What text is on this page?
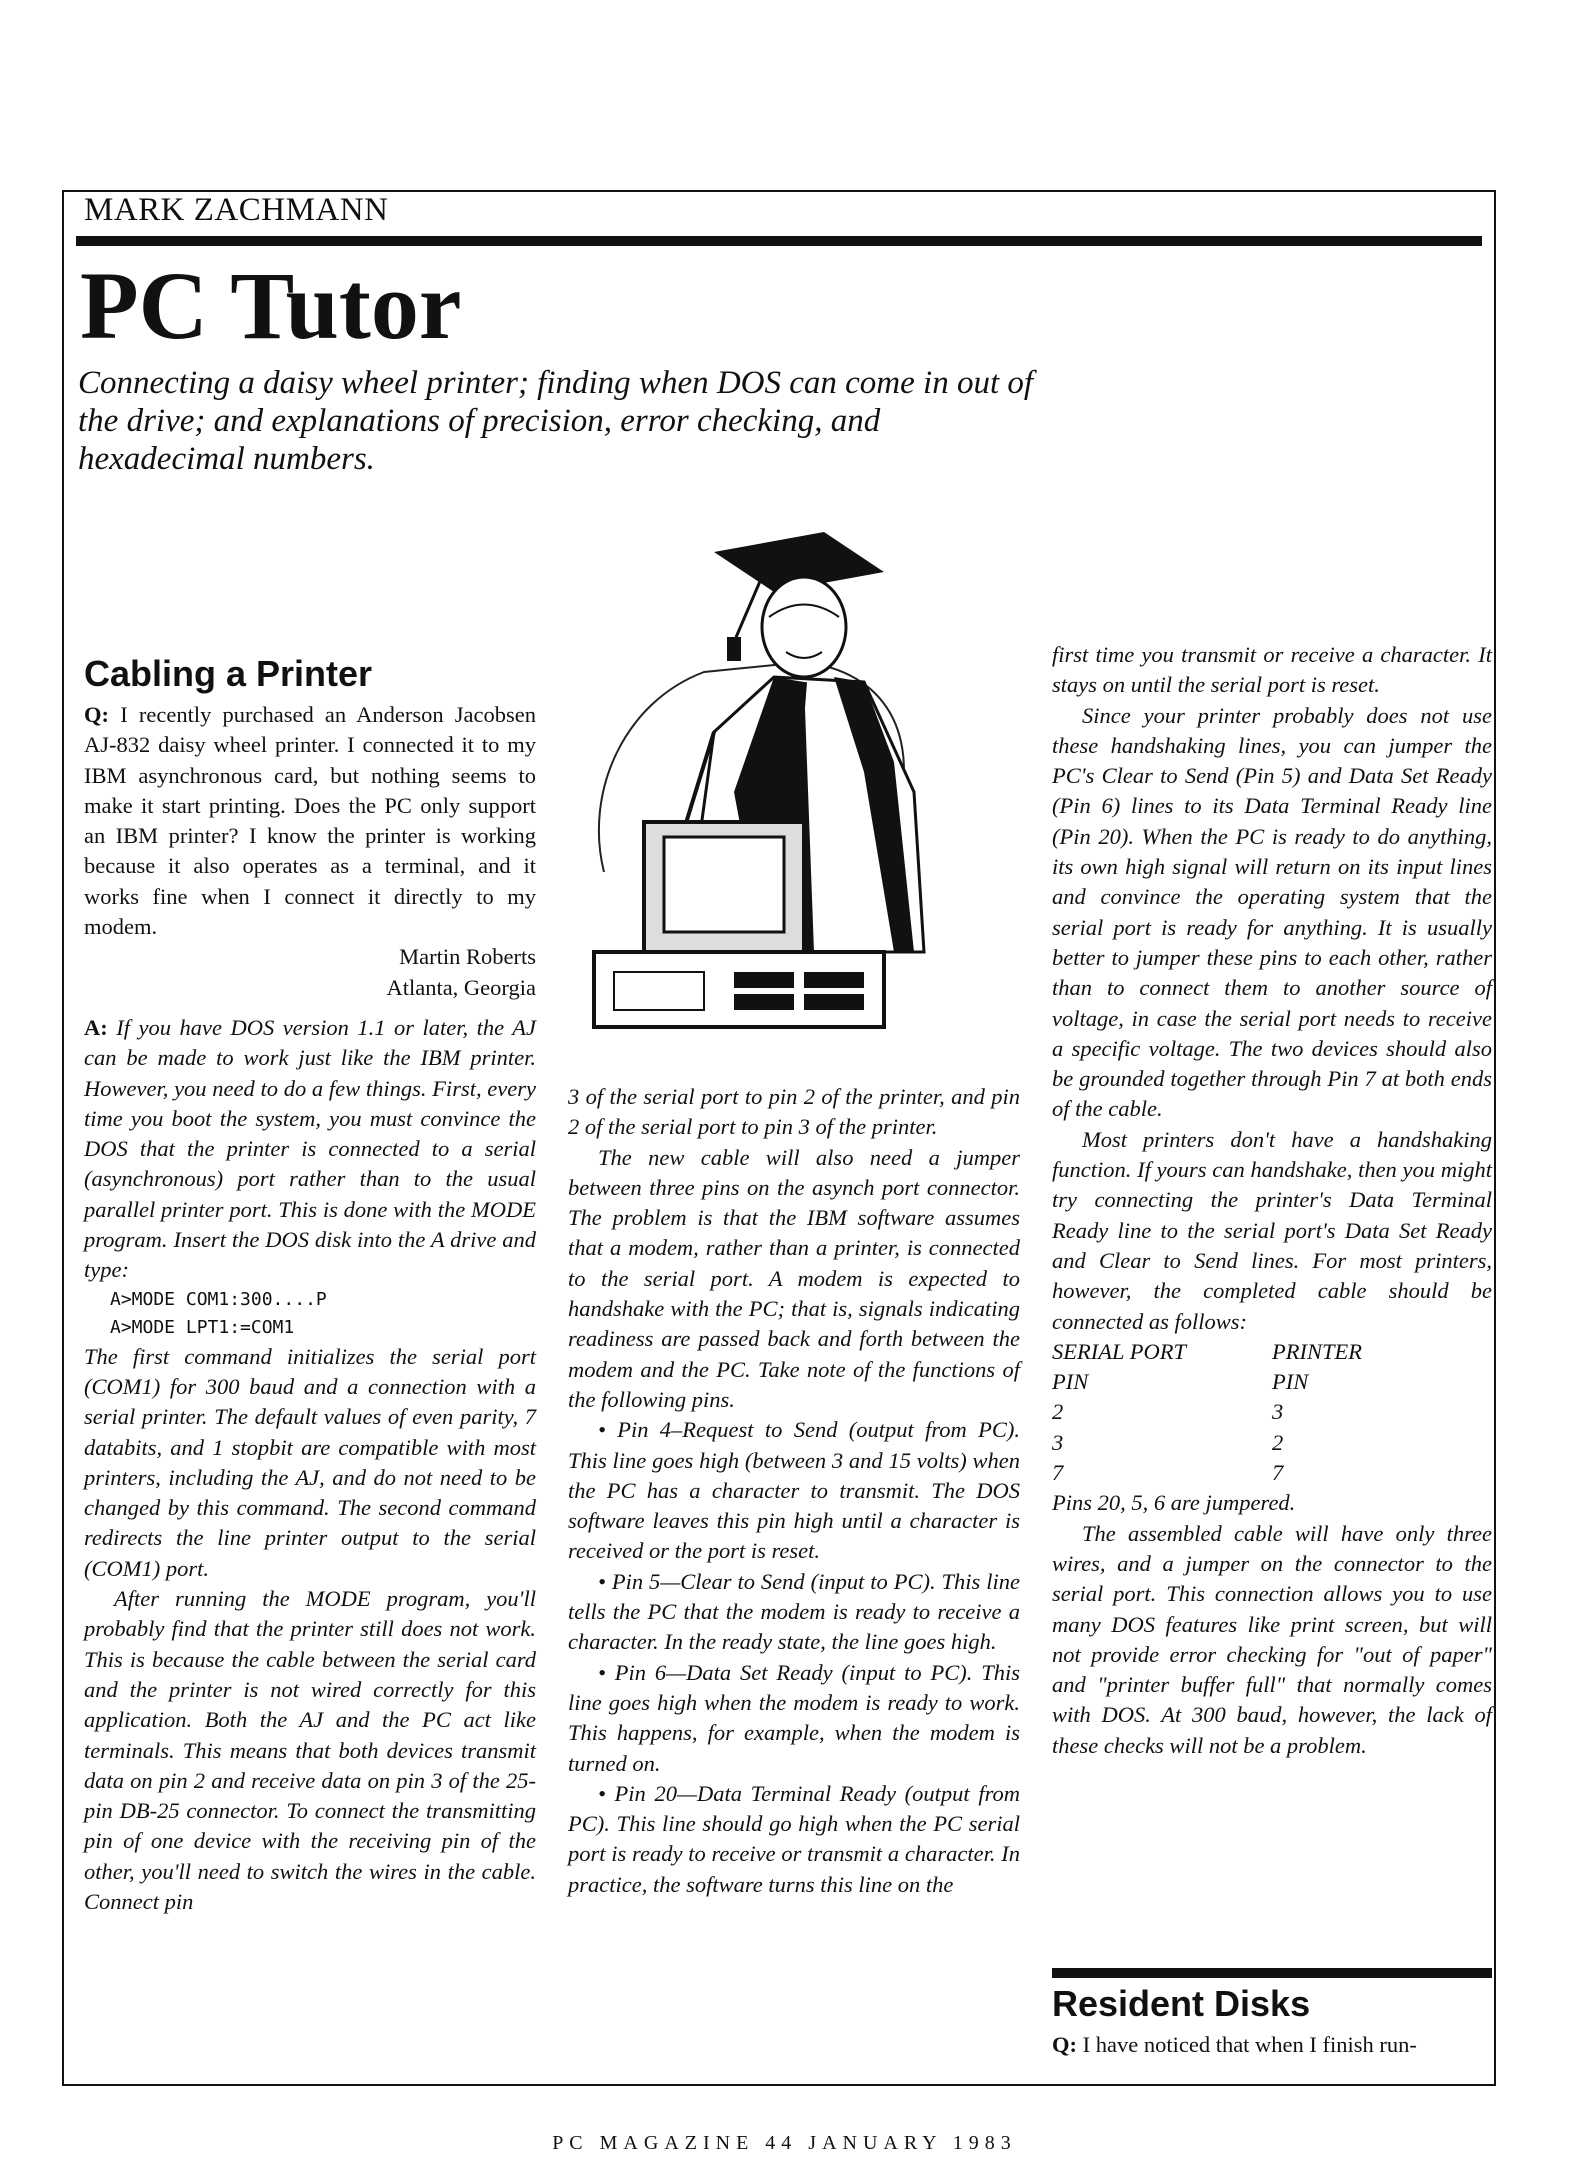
MARK ZACHMANN
PC Tutor
Connecting a daisy wheel printer; finding when DOS can come in out of the drive; and explanations of precision, error checking, and hexadecimal numbers.

Cabling a Printer

Q: I recently purchased an Anderson Jacobsen AJ-832 daisy wheel printer. I connected it to my IBM asynchronous card, but nothing seems to make it start printing. Does the PC only support an IBM printer? I know the printer is working because it also operates as a terminal, and it works fine when I connect it directly to my modem.

Martin Roberts

Atlanta, Georgia

A: If you have DOS version 1.1 or later, the AJ can be made to work just like the IBM printer. However, you need to do a few things. First, every time you boot the system, you must convince the DOS that the printer is connected to a serial (asynchronous) port rather than to the usual parallel printer port. This is done with the MODE program. Insert the DOS disk into the A drive and type:

A>MODE COM1:300....P

A>MODE LPT1:=COM1

The first command initializes the serial port (COM1) for 300 baud and a connection with a serial printer. The default values of even parity, 7 databits, and 1 stopbit are compatible with most printers, including the AJ, and do not need to be changed by this command. The second command redirects the line printer output to the serial (COM1) port.

After running the MODE program, you'll probably find that the printer still does not work. This is because the cable between the serial card and the printer is not wired correctly for this application. Both the AJ and the PC act like terminals. This means that both devices transmit data on pin 2 and receive data on pin 3 of the 25-pin DB-25 connector. To connect the transmitting pin of one device with the receiving pin of the other, you'll need to switch the wires in the cable. Connect pin

3 of the serial port to pin 2 of the printer, and pin 2 of the serial port to pin 3 of the printer.

The new cable will also need a jumper between three pins on the asynch port connector. The problem is that the IBM software assumes that a modem, rather than a printer, is connected to the serial port. A modem is expected to handshake with the PC; that is, signals indicating readiness are passed back and forth between the modem and the PC. Take note of the functions of the following pins.

• Pin 4–Request to Send (output from PC). This line goes high (between 3 and 15 volts) when the PC has a character to transmit. The DOS software leaves this pin high until a character is received or the port is reset.

• Pin 5—Clear to Send (input to PC). This line tells the PC that the modem is ready to receive a character. In the ready state, the line goes high.

• Pin 6—Data Set Ready (input to PC). This line goes high when the modem is ready to work. This happens, for example, when the modem is turned on.

• Pin 20—Data Terminal Ready (output from PC). This line should go high when the PC serial port is ready to receive or transmit a character. In practice, the software turns this line on the

first time you transmit or receive a character. It stays on until the serial port is reset.

Since your printer probably does not use these handshaking lines, you can jumper the PC's Clear to Send (Pin 5) and Data Set Ready (Pin 6) lines to its Data Terminal Ready line (Pin 20). When the PC is ready to do anything, its own high signal will return on its input lines and convince the operating system that the serial port is ready for anything. It is usually better to jumper these pins to each other, rather than to connect them to another source of voltage, in case the serial port needs to receive a specific voltage. The two devices should also be grounded together through Pin 7 at both ends of the cable.

Most printers don't have a handshaking function. If yours can handshake, then you might try connecting the printer's Data Terminal Ready line to the serial port's Data Set Ready and Clear to Send lines. For most printers, however, the completed cable should be connected as follows:

SERIAL PORT	PRINTER
PIN	PIN
2	3
3	2
7	7

Pins 20, 5, 6 are jumpered.

The assembled cable will have only three wires, and a jumper on the connector to the serial port. This connection allows you to use many DOS features like print screen, but will not provide error checking for "out of paper" and "printer buffer full" that normally comes with DOS. At 300 baud, however, the lack of these checks will not be a problem.

Resident Disks

Q: I have noticed that when I finish run-

PC MAGAZINE 44 JANUARY 1983
